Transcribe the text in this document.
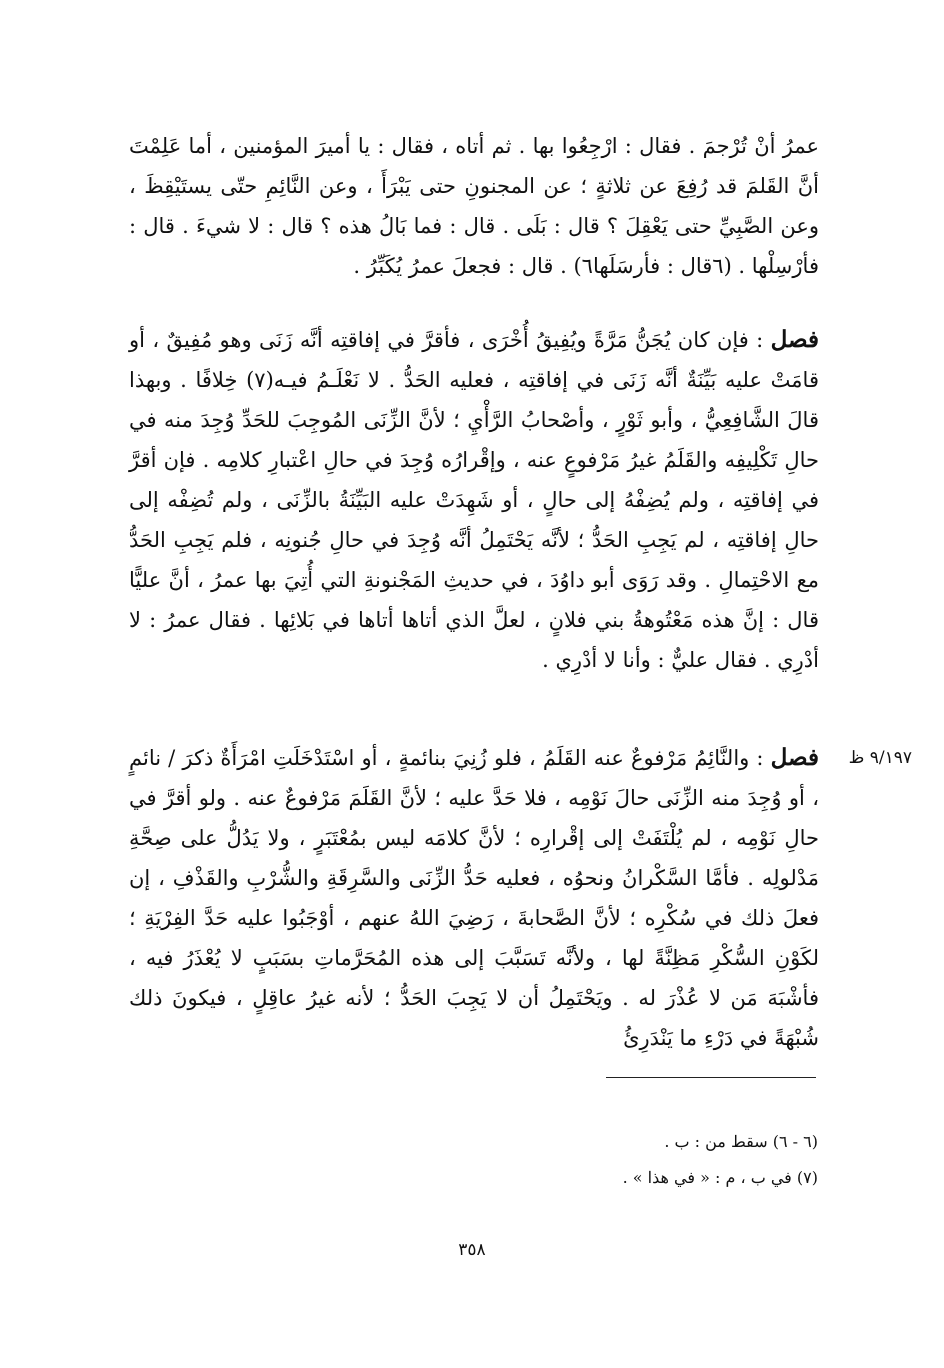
عمرُ أنْ تُرْجمَ . فقال : ارْجِعُوا بها . ثم أتاه ، فقال : يا أميرَ المؤمنين ، أما عَلِمْتَ أنَّ القَلمَ قد رُفِعَ عن ثلاثةٍ ؛ عن المجنونِ حتى يَبْرَأَ ، وعن النَّائِمِ حتّى يستَيْقِظَ ، وعن الصَّبِيِّ حتى يَعْقِلَ ؟ قال : بَلَى . قال : فما بَالُ هذه ؟ قال : لا شيءَ . قال : فأرْسِلْها . (٦قال : فأرسَلَها٦) . قال : فجعلَ عمرُ يُكَبِّرُ .

فصل : فإن كان يُجَنُّ مَرَّةً ويُفِيقُ أُخْرَى ، فأقرَّ في إفاقتِه أنَّه زَنَى وهو مُفِيقٌ ، أو قامَتْ عليه بَيِّنَةٌ أنَّه زَنَى في إفاقتِه ، فعليه الحَدُّ . لا نَعْلَـمُ فيـه(٧) خِلافًا . وبهذا قالَ الشَّافِعِيُّ ، وأبو ثَوْرٍ ، وأصْحابُ الرَّأْيِ ؛ لأنَّ الزِّنَى المُوجِبَ للحَدِّ وُجِدَ منه في حالِ تَكْلِيفِه والقَلَمُ غيرُ مَرْفوعٍ عنه ، وإقْرارُه وُجِدَ في حالِ اعْتبارِ كلامِه . فإن أقرَّ في إفاقتِه ، ولم يُضِفْهُ إلى حالٍ ، أو شَهِدَتْ عليه البَيِّنَةُ بالزِّنَى ، ولم تُضِفْه إلى حالِ إفاقتِه ، لم يَجِبِ الحَدُّ ؛ لأنَّه يَحْتَمِلُ أنَّه وُجِدَ في حالِ جُنونِه ، فلم يَجِبِ الحَدُّ مع الاحْتِمالِ . وقد رَوَى أبو داوُدَ ، في حديثِ المَجْنونةِ التي أُتِيَ بها عمرُ ، أنَّ عليًّا قال : إنَّ هذه مَعْتُوهةُ بني فلانٍ ، لعلَّ الذي أتاها أتاها في بَلائِها . فقال عمرُ : لا أدْرِي . فقال عليٌّ : وأنا لا أدْرِي .

٩/١٩٧ ظ

فصل : والنَّائِمُ مَرْفوعٌ عنه القَلَمُ ، فلو زُنِيَ بنائمةٍ ، أو اسْتَدْخَلَتِ امْرَأَةٌ ذكرَ / نائمٍ ، أو وُجِدَ منه الزِّنَى حالَ نَوْمِه ، فلا حَدَّ عليه ؛ لأنَّ القَلَمَ مَرْفوعٌ عنه . ولو أقرَّ في حالِ نَوْمِه ، لم يُلْتَفَتْ إلى إقْرارِه ؛ لأنَّ كلامَه ليس بمُعْتَبَرٍ ، ولا يَدُلُّ على صِحَّةِ مَدْلولِه . فأمَّا السَّكْرانُ ونحوُه ، فعليه حَدُّ الزِّنَى والسَّرِقَةِ والشُّرْبِ والقَذْفِ ، إن فعلَ ذلك في سُكْرِه ؛ لأنَّ الصَّحابةَ ، رَضِيَ اللهُ عنهم ، أوْجَبُوا عليه حَدَّ الفِرْيَةِ ؛ لكَوْنِ السُّكْرِ مَظِنَّةً لها ، ولأنَّه تَسَبَّبَ إلى هذه المُحَرَّماتِ بسَبَبٍ لا يُعْذَرُ فيه ، فأشْبَهَ مَن لا عُذْرَ له . ويَحْتَمِلُ أن لا يَجِبَ الحَدُّ ؛ لأنه غيرُ عاقِلٍ ، فيكونَ ذلك شُبْهَةً في دَرْءِ ما يَنْدَرِئُ

(٦ - ٦) سقط من : ب .

(٧) في ب ، م : « في هذا » .

٣٥٨
